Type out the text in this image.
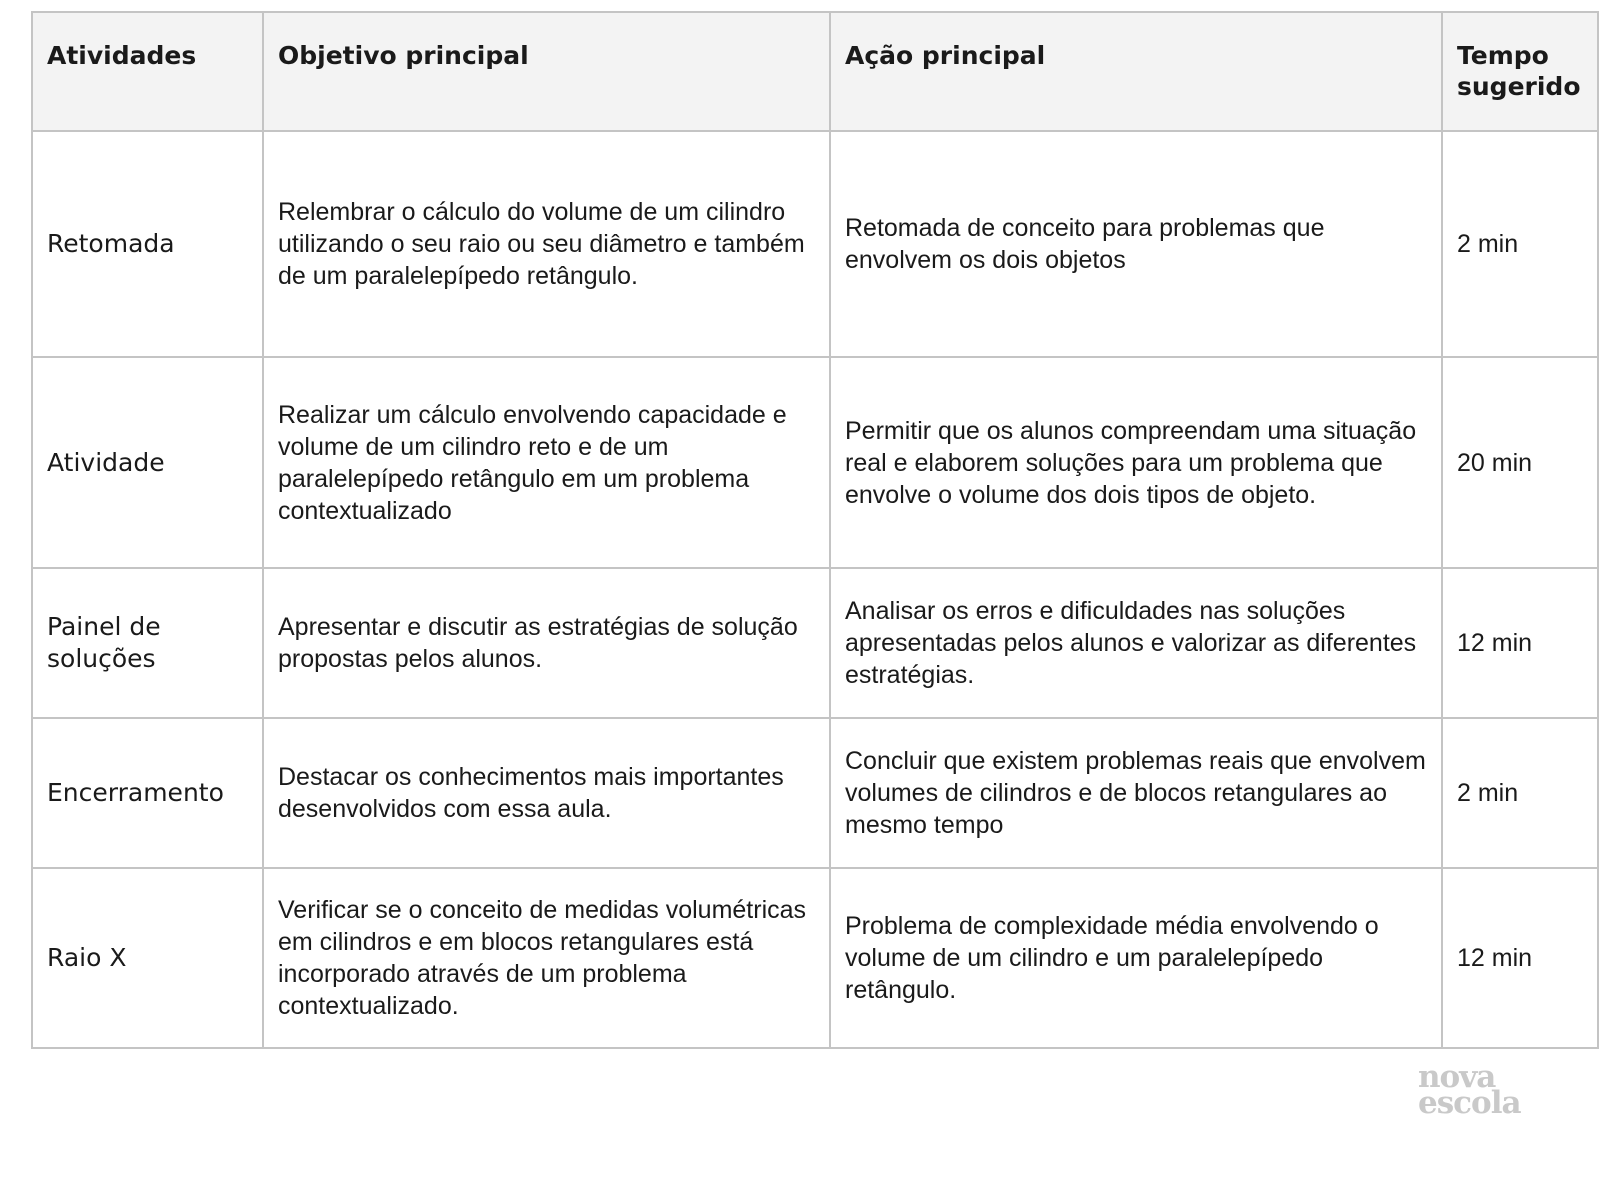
Atividades	Objetivo principal	Ação principal	Tempo sugerido
Retomada	Relembrar o cálculo do volume de um cilindro utilizando o seu raio ou seu diâmetro e também de um paralelepípedo retângulo.	Retomada de conceito para problemas que envolvem os dois objetos	2 min
Atividade	Realizar um cálculo envolvendo capacidade e volume de um cilindro reto e de um paralelepípedo retângulo em um problema contextualizado	Permitir que os alunos compreendam uma situação real e elaborem soluções para um problema que envolve o volume dos dois tipos de objeto.	20 min
Painel de soluções	Apresentar e discutir as estratégias de solução propostas pelos alunos.	Analisar os erros e dificuldades nas soluções apresentadas pelos alunos e valorizar as diferentes estratégias.	12 min
Encerramento	Destacar os conhecimentos mais importantes desenvolvidos com essa aula.	Concluir que existem problemas reais que envolvem volumes de cilindros e de blocos retangulares ao mesmo tempo	2 min
Raio X	Verificar se o conceito de medidas volumétricas em cilindros e em blocos retangulares está incorporado através de um problema contextualizado.	Problema de complexidade média envolvendo o volume de um cilindro e um paralelepípedo retângulo.	12 min
nova
escola
